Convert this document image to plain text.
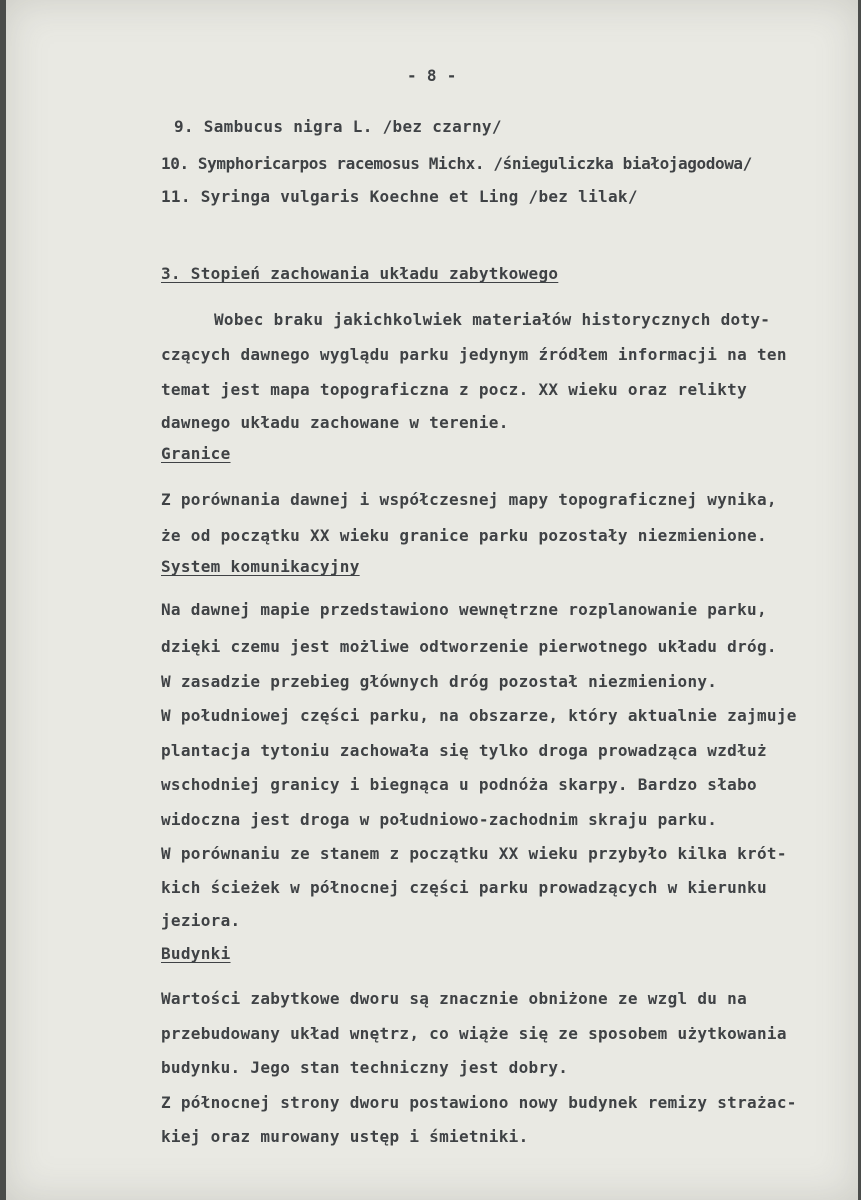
- 8 -
9. Sambucus nigra L. /bez czarny/
10. Symphoricarpos racemosus Michx. /śnieguliczka białojagodowa/
11. Syringa vulgaris Koechne et Ling /bez lilak/
3. Stopień zachowania układu zabytkowego
Wobec braku jakichkolwiek materiałów historycznych doty-
czących dawnego wyglądu parku jedynym źródłem informacji na ten
temat jest mapa topograficzna z pocz. XX wieku oraz relikty
dawnego układu zachowane w terenie.
Granice
Z porównania dawnej i współczesnej mapy topograficznej wynika,
że od początku XX wieku granice parku pozostały niezmienione.
System komunikacyjny
Na dawnej mapie przedstawiono wewnętrzne rozplanowanie parku,
dzięki czemu jest możliwe odtworzenie pierwotnego układu dróg.
W zasadzie przebieg głównych dróg pozostał niezmieniony.
W południowej części parku, na obszarze, który aktualnie zajmuje
plantacja tytoniu zachowała się tylko droga prowadząca wzdłuż
wschodniej granicy i biegnąca u podnóża skarpy. Bardzo słabo
widoczna jest droga w południowo-zachodnim skraju parku.
W porównaniu ze stanem z początku XX wieku przybyło kilka krót-
kich ścieżek w północnej części parku prowadzących w kierunku
jeziora.
Budynki
Wartości zabytkowe dworu są znacznie obniżone ze wzgl du na
przebudowany układ wnętrz, co wiąże się ze sposobem użytkowania
budynku. Jego stan techniczny jest dobry.
Z północnej strony dworu postawiono nowy budynek remizy strażac-
kiej oraz murowany ustęp i śmietniki.
